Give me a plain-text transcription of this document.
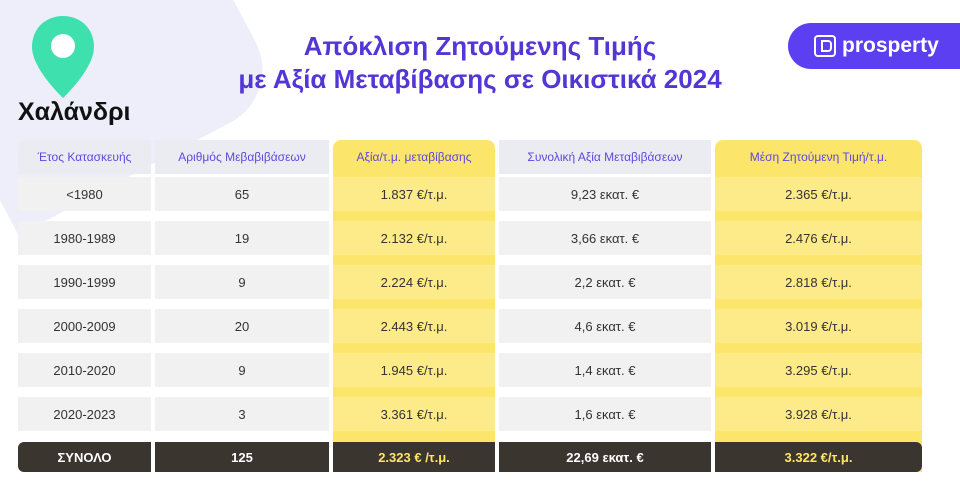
Χαλάνδρι
Απόκλιση Ζητούμενης Τιμής
με Αξία Μεταβίβασης σε Οικιστικά 2024
prosperty
Έτος Κατασκευής	Αριθμός Μεβαβιβάσεων	Αξία/τ.μ. μεταβίβασης	Συνολική Αξία Μεταβιβάσεων	Μέση Ζητούμενη Τιμή/τ.μ.
<1980	65	1.837 €/τ.μ.	9,23 εκατ. €	2.365 €/τ.μ.
1980-1989	19	2.132 €/τ.μ.	3,66 εκατ. €	2.476 €/τ.μ.
1990-1999	9	2.224 €/τ.μ.	2,2 εκατ. €	2.818 €/τ.μ.
2000-2009	20	2.443 €/τ.μ.	4,6 εκατ. €	3.019 €/τ.μ.
2010-2020	9	1.945 €/τ.μ.	1,4 εκατ. €	3.295 €/τ.μ.
2020-2023	3	3.361 €/τ.μ.	1,6 εκατ. €	3.928 €/τ.μ.
ΣΥΝΟΛΟ	125	2.323 € /τ.μ.	22,69 εκατ. €	3.322 €/τ.μ.
